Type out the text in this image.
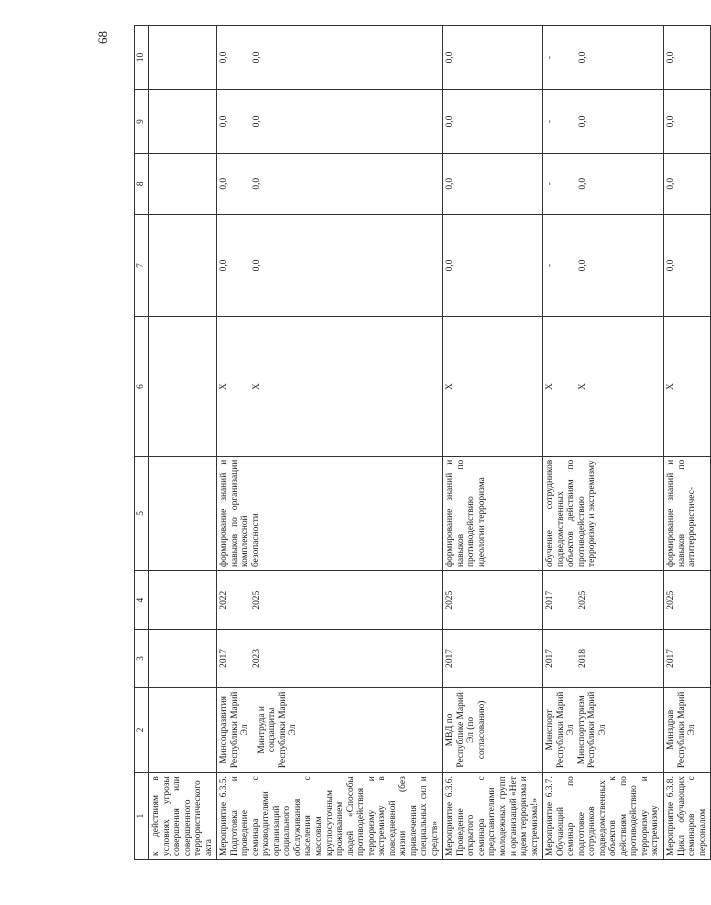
68
1	2	3	4	5	6	7	8	9	10
к действиям в условиях угрозы совершения или совершенного террористического акта									
Мероприятие 6.3.5. Подготовка и проведение семинара с руководителями организаций социального обслуживания населения с массовым круглосуточным проживанием людей «Способы противодействия терроризму и экстремизму в повседневной жизни (без привлечения специальных сил и средств»	Минсоцразвития Республики Марий Эл Минтруда и соцзащиты Республики Марий Эл	2017 2023	2022 2025	формирование знаний и навыков по организации комплексной безопасности	Х Х	0,0 0,0	0,0 0,0	0,0 0,0	0,0 0,0

Мероприятие 6.3.6. Проведение открытого семинара с представителями молодежных групп и организаций «Нет идеям терроризма и экстремизма!»	МВД по Республике Марий Эл (по согласованию)	2017	2025	формирование знаний и навыков по противодействию идеологии терроризма	Х	0,0	0,0	0,0	0,0
Мероприятие 6.3.7. Обучающий семинар по подготовке сотрудников подведомственных объектов к действиям по противодействию терроризму и экстремизму	Минспорт Республики Марий Эл Минспорттуризм Республики Марий Эл	2017 2018	2017 2025	обучение сотрудников подведомственных объектов действиям по противодействию терроризму и экстремизму	Х Х	- 0,0	- 0,0	- 0,0	- 0,0

Мероприятие 6.3.8. Цикл обучающих семинаров с персоналом	Минздрав Республики Марий Эл	2017	2025	формирование знаний и навыков по антитеррористичес-	Х	0,0	0,0	0,0	0,0
